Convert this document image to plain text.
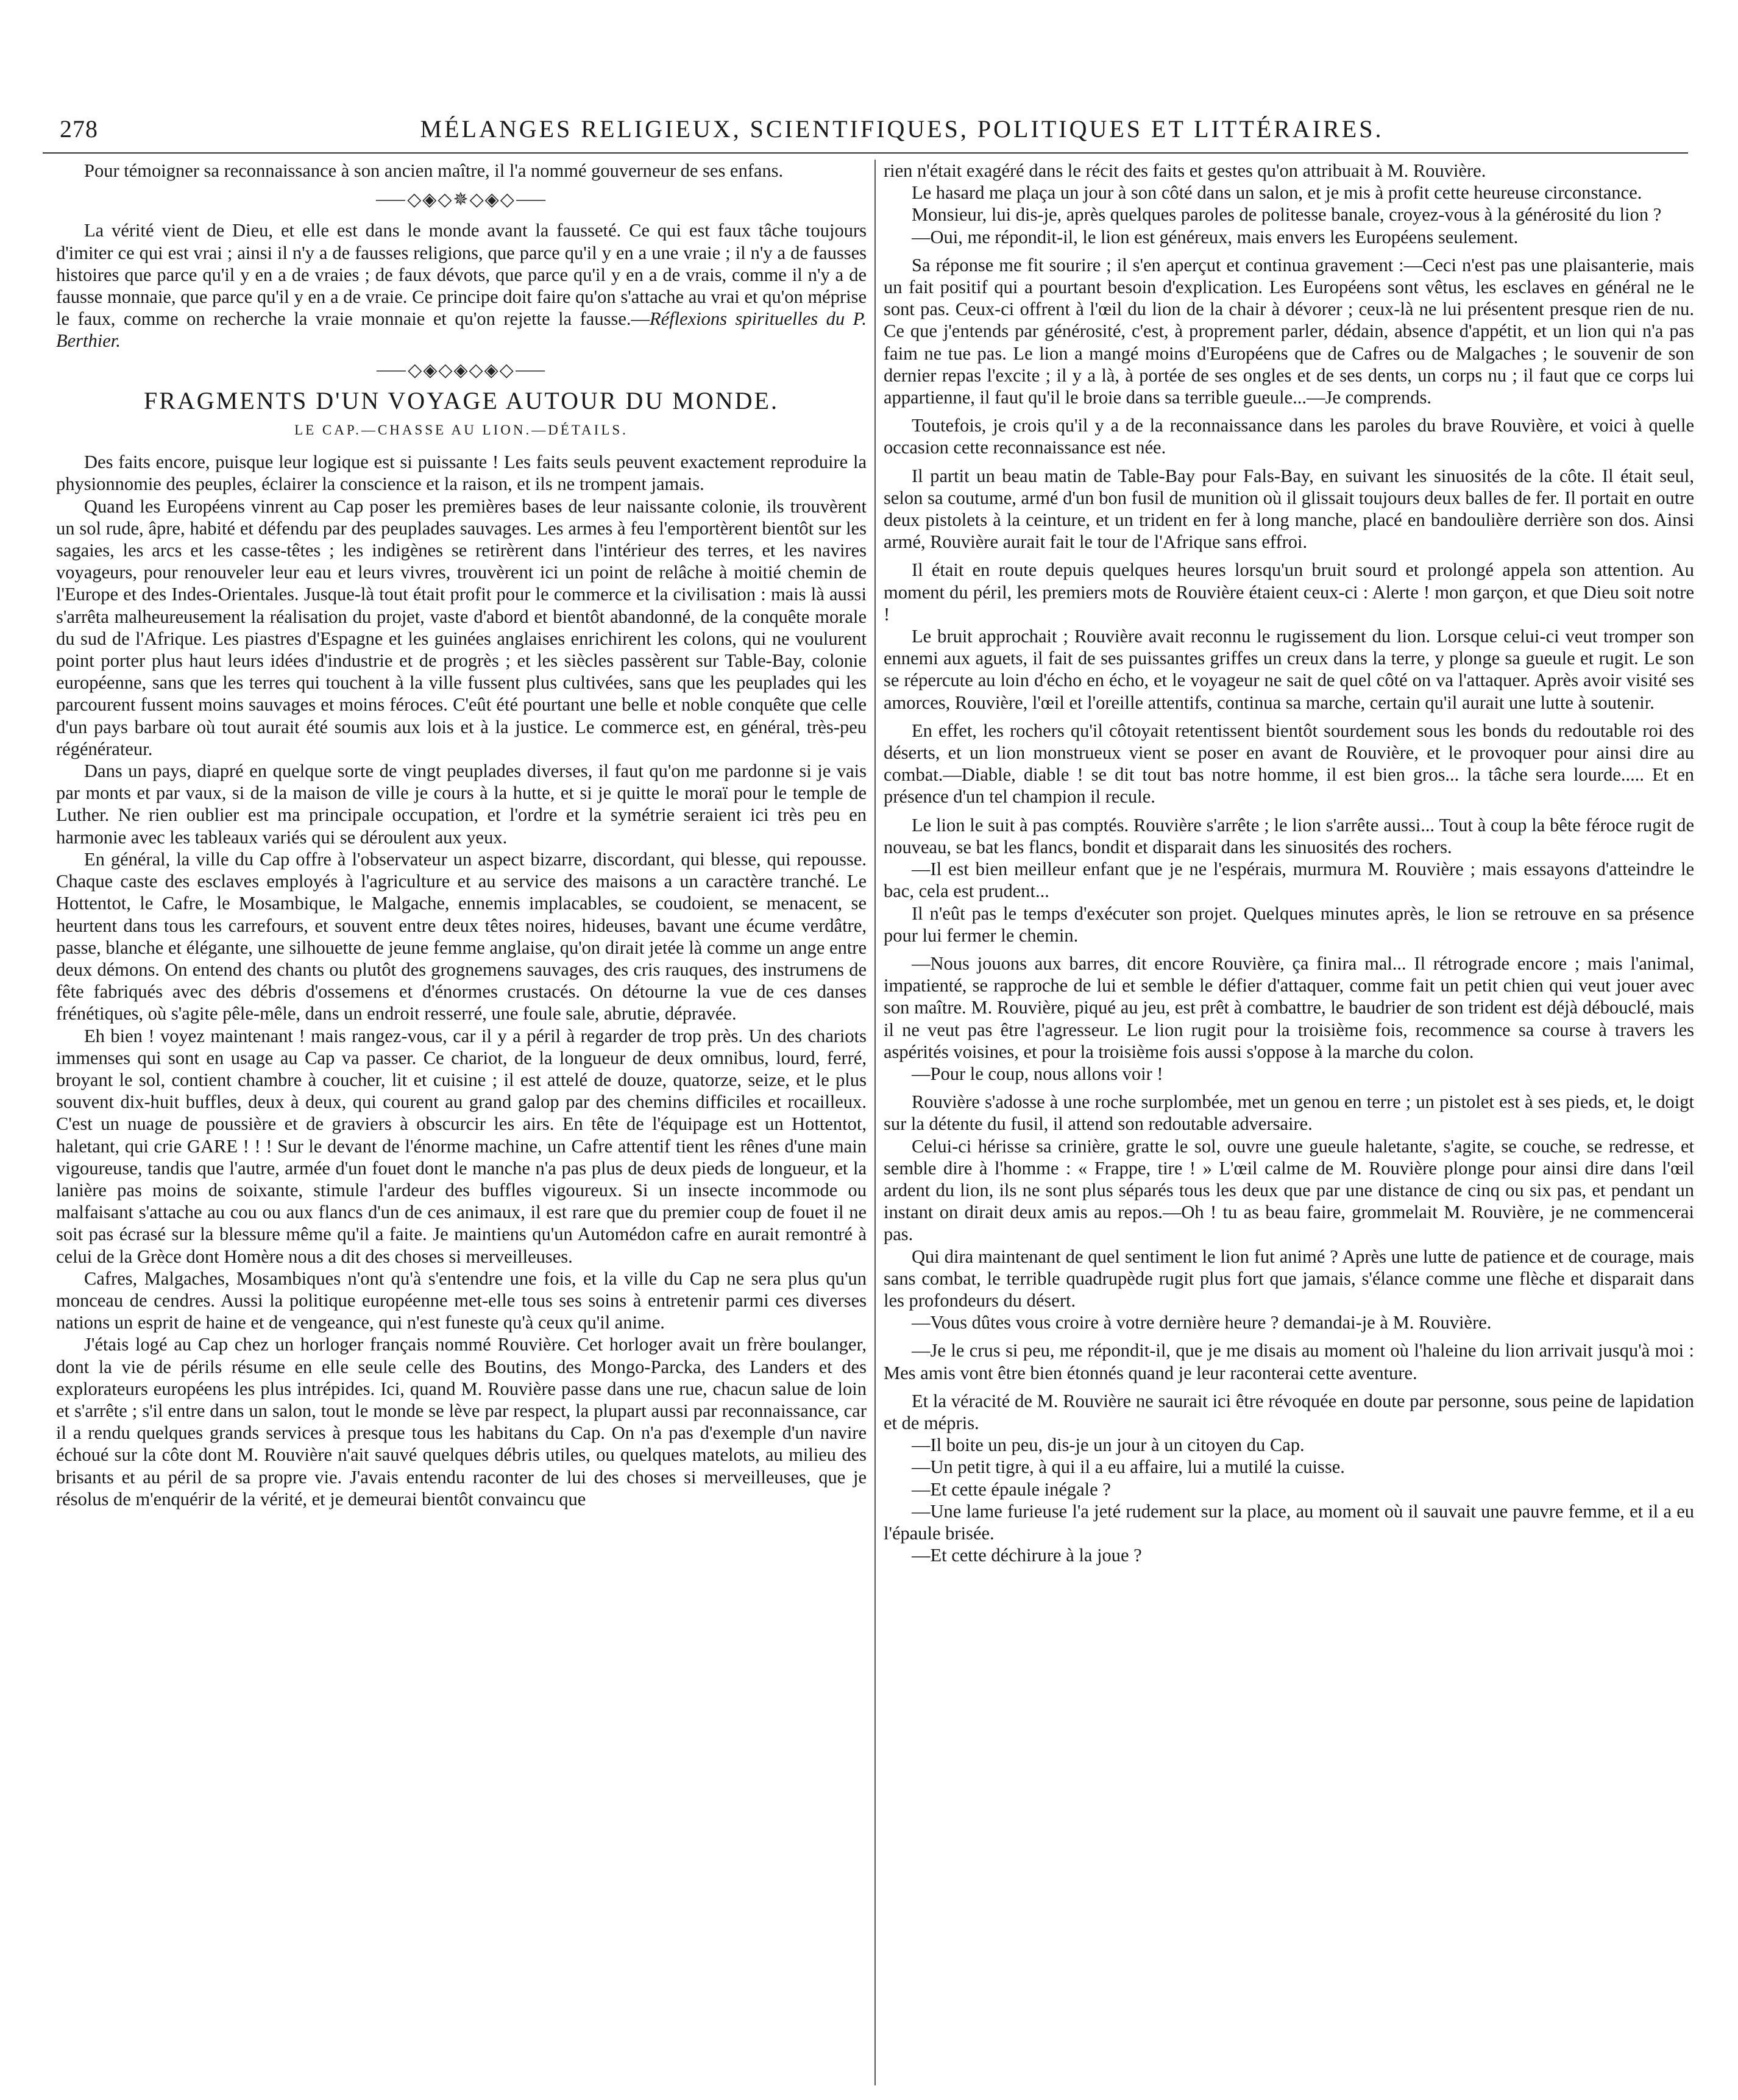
278	MÉLANGES RELIGIEUX, SCIENTIFIQUES, POLITIQUES ET LITTÉRAIRES.

Pour témoigner sa reconnaissance à son ancien maître, il l'a nommé gouverneur de ses enfans.

⸺◇◈◇✵◇◈◇⸺

La vérité vient de Dieu, et elle est dans le monde avant la fausseté. Ce qui est faux tâche toujours d'imiter ce qui est vrai ; ainsi il n'y a de fausses religions, que parce qu'il y en a une vraie ; il n'y a de fausses histoires que parce qu'il y en a de vraies ; de faux dévots, que parce qu'il y en a de vrais, comme il n'y a de fausse monnaie, que parce qu'il y en a de vraie. Ce principe doit faire qu'on s'attache au vrai et qu'on méprise le faux, comme on recherche la vraie monnaie et qu'on rejette la fausse.—Réflexions spirituelles du P. Berthier.

⸺◇◈◇◈◇◈◇⸺
FRAGMENTS D'UN VOYAGE AUTOUR DU MONDE.
LE CAP.—CHASSE AU LION.—DÉTAILS.

Des faits encore, puisque leur logique est si puissante ! Les faits seuls peuvent exactement reproduire la physionnomie des peuples, éclairer la conscience et la raison, et ils ne trompent jamais.

Quand les Européens vinrent au Cap poser les premières bases de leur naissante colonie, ils trouvèrent un sol rude, âpre, habité et défendu par des peuplades sauvages. Les armes à feu l'emportèrent bientôt sur les sagaies, les arcs et les casse-têtes ; les indigènes se retirèrent dans l'intérieur des terres, et les navires voyageurs, pour renouveler leur eau et leurs vivres, trouvèrent ici un point de relâche à moitié chemin de l'Europe et des Indes-Orientales. Jusque-là tout était profit pour le commerce et la civilisation : mais là aussi s'arrêta malheureusement la réalisation du projet, vaste d'abord et bientôt abandonné, de la conquête morale du sud de l'Afrique. Les piastres d'Espagne et les guinées anglaises enrichirent les colons, qui ne voulurent point porter plus haut leurs idées d'industrie et de progrès ; et les siècles passèrent sur Table-Bay, colonie européenne, sans que les terres qui touchent à la ville fussent plus cultivées, sans que les peuplades qui les parcourent fussent moins sauvages et moins féroces. C'eût été pourtant une belle et noble conquête que celle d'un pays barbare où tout aurait été soumis aux lois et à la justice. Le commerce est, en général, très-peu régénérateur.

Dans un pays, diapré en quelque sorte de vingt peuplades diverses, il faut qu'on me pardonne si je vais par monts et par vaux, si de la maison de ville je cours à la hutte, et si je quitte le moraï pour le temple de Luther. Ne rien oublier est ma principale occupation, et l'ordre et la symétrie seraient ici très peu en harmonie avec les tableaux variés qui se déroulent aux yeux.

En général, la ville du Cap offre à l'observateur un aspect bizarre, discordant, qui blesse, qui repousse. Chaque caste des esclaves employés à l'agriculture et au service des maisons a un caractère tranché. Le Hottentot, le Cafre, le Mosambique, le Malgache, ennemis implacables, se coudoient, se menacent, se heurtent dans tous les carrefours, et souvent entre deux têtes noires, hideuses, bavant une écume verdâtre, passe, blanche et élégante, une silhouette de jeune femme anglaise, qu'on dirait jetée là comme un ange entre deux démons. On entend des chants ou plutôt des grognemens sauvages, des cris rauques, des instrumens de fête fabriqués avec des débris d'ossemens et d'énormes crustacés. On détourne la vue de ces danses frénétiques, où s'agite pêle-mêle, dans un endroit resserré, une foule sale, abrutie, dépravée.

Eh bien ! voyez maintenant ! mais rangez-vous, car il y a péril à regarder de trop près. Un des chariots immenses qui sont en usage au Cap va passer. Ce chariot, de la longueur de deux omnibus, lourd, ferré, broyant le sol, contient chambre à coucher, lit et cuisine ; il est attelé de douze, quatorze, seize, et le plus souvent dix-huit buffles, deux à deux, qui courent au grand galop par des chemins difficiles et rocailleux. C'est un nuage de poussière et de graviers à obscurcir les airs. En tête de l'équipage est un Hottentot, haletant, qui crie GARE ! ! ! Sur le devant de l'énorme machine, un Cafre attentif tient les rênes d'une main vigoureuse, tandis que l'autre, armée d'un fouet dont le manche n'a pas plus de deux pieds de longueur, et la lanière pas moins de soixante, stimule l'ardeur des buffles vigoureux. Si un insecte incommode ou malfaisant s'attache au cou ou aux flancs d'un de ces animaux, il est rare que du premier coup de fouet il ne soit pas écrasé sur la blessure même qu'il a faite. Je maintiens qu'un Automédon cafre en aurait remontré à celui de la Grèce dont Homère nous a dit des choses si merveilleuses.

Cafres, Malgaches, Mosambiques n'ont qu'à s'entendre une fois, et la ville du Cap ne sera plus qu'un monceau de cendres. Aussi la politique européenne met-elle tous ses soins à entretenir parmi ces diverses nations un esprit de haine et de vengeance, qui n'est funeste qu'à ceux qu'il anime.

J'étais logé au Cap chez un horloger français nommé Rouvière. Cet horloger avait un frère boulanger, dont la vie de périls résume en elle seule celle des Boutins, des Mongo-Parcka, des Landers et des explorateurs européens les plus intrépides. Ici, quand M. Rouvière passe dans une rue, chacun salue de loin et s'arrête ; s'il entre dans un salon, tout le monde se lève par respect, la plupart aussi par reconnaissance, car il a rendu quelques grands services à presque tous les habitans du Cap. On n'a pas d'exemple d'un navire échoué sur la côte dont M. Rouvière n'ait sauvé quelques débris utiles, ou quelques matelots, au milieu des brisants et au péril de sa propre vie. J'avais entendu raconter de lui des choses si merveilleuses, que je résolus de m'enquérir de la vérité, et je demeurai bientôt convaincu que

rien n'était exagéré dans le récit des faits et gestes qu'on attribuait à M. Rouvière.

Le hasard me plaça un jour à son côté dans un salon, et je mis à profit cette heureuse circonstance.

Monsieur, lui dis-je, après quelques paroles de politesse banale, croyez-vous à la générosité du lion ?

—Oui, me répondit-il, le lion est généreux, mais envers les Européens seulement.

Sa réponse me fit sourire ; il s'en aperçut et continua gravement :—Ceci n'est pas une plaisanterie, mais un fait positif qui a pourtant besoin d'explication. Les Européens sont vêtus, les esclaves en général ne le sont pas. Ceux-ci offrent à l'œil du lion de la chair à dévorer ; ceux-là ne lui présentent presque rien de nu. Ce que j'entends par générosité, c'est, à proprement parler, dédain, absence d'appétit, et un lion qui n'a pas faim ne tue pas. Le lion a mangé moins d'Européens que de Cafres ou de Malgaches ; le souvenir de son dernier repas l'excite ; il y a là, à portée de ses ongles et de ses dents, un corps nu ; il faut que ce corps lui appartienne, il faut qu'il le broie dans sa terrible gueule...—Je comprends.

Toutefois, je crois qu'il y a de la reconnaissance dans les paroles du brave Rouvière, et voici à quelle occasion cette reconnaissance est née.

Il partit un beau matin de Table-Bay pour Fals-Bay, en suivant les sinuosités de la côte. Il était seul, selon sa coutume, armé d'un bon fusil de munition où il glissait toujours deux balles de fer. Il portait en outre deux pistolets à la ceinture, et un trident en fer à long manche, placé en bandoulière derrière son dos. Ainsi armé, Rouvière aurait fait le tour de l'Afrique sans effroi.

Il était en route depuis quelques heures lorsqu'un bruit sourd et prolongé appela son attention. Au moment du péril, les premiers mots de Rouvière étaient ceux-ci : Alerte ! mon garçon, et que Dieu soit notre !

Le bruit approchait ; Rouvière avait reconnu le rugissement du lion. Lorsque celui-ci veut tromper son ennemi aux aguets, il fait de ses puissantes griffes un creux dans la terre, y plonge sa gueule et rugit. Le son se répercute au loin d'écho en écho, et le voyageur ne sait de quel côté on va l'attaquer. Après avoir visité ses amorces, Rouvière, l'œil et l'oreille attentifs, continua sa marche, certain qu'il aurait une lutte à soutenir.

En effet, les rochers qu'il côtoyait retentissent bientôt sourdement sous les bonds du redoutable roi des déserts, et un lion monstrueux vient se poser en avant de Rouvière, et le provoquer pour ainsi dire au combat.—Diable, diable ! se dit tout bas notre homme, il est bien gros... la tâche sera lourde..... Et en présence d'un tel champion il recule.

Le lion le suit à pas comptés. Rouvière s'arrête ; le lion s'arrête aussi... Tout à coup la bête féroce rugit de nouveau, se bat les flancs, bondit et disparait dans les sinuosités des rochers.

—Il est bien meilleur enfant que je ne l'espérais, murmura M. Rouvière ; mais essayons d'atteindre le bac, cela est prudent...

Il n'eût pas le temps d'exécuter son projet. Quelques minutes après, le lion se retrouve en sa présence pour lui fermer le chemin.

—Nous jouons aux barres, dit encore Rouvière, ça finira mal... Il rétrograde encore ; mais l'animal, impatienté, se rapproche de lui et semble le défier d'attaquer, comme fait un petit chien qui veut jouer avec son maître. M. Rouvière, piqué au jeu, est prêt à combattre, le baudrier de son trident est déjà débouclé, mais il ne veut pas être l'agresseur. Le lion rugit pour la troisième fois, recommence sa course à travers les aspérités voisines, et pour la troisième fois aussi s'oppose à la marche du colon.

—Pour le coup, nous allons voir !

Rouvière s'adosse à une roche surplombée, met un genou en terre ; un pistolet est à ses pieds, et, le doigt sur la détente du fusil, il attend son redoutable adversaire.

Celui-ci hérisse sa crinière, gratte le sol, ouvre une gueule haletante, s'agite, se couche, se redresse, et semble dire à l'homme : « Frappe, tire ! » L'œil calme de M. Rouvière plonge pour ainsi dire dans l'œil ardent du lion, ils ne sont plus séparés tous les deux que par une distance de cinq ou six pas, et pendant un instant on dirait deux amis au repos.—Oh ! tu as beau faire, grommelait M. Rouvière, je ne commencerai pas.

Qui dira maintenant de quel sentiment le lion fut animé ? Après une lutte de patience et de courage, mais sans combat, le terrible quadrupède rugit plus fort que jamais, s'élance comme une flèche et disparait dans les profondeurs du désert.

—Vous dûtes vous croire à votre dernière heure ? demandai-je à M. Rouvière.

—Je le crus si peu, me répondit-il, que je me disais au moment où l'haleine du lion arrivait jusqu'à moi : Mes amis vont être bien étonnés quand je leur raconterai cette aventure.

Et la véracité de M. Rouvière ne saurait ici être révoquée en doute par personne, sous peine de lapidation et de mépris.

—Il boite un peu, dis-je un jour à un citoyen du Cap.

—Un petit tigre, à qui il a eu affaire, lui a mutilé la cuisse.

—Et cette épaule inégale ?

—Une lame furieuse l'a jeté rudement sur la place, au moment où il sauvait une pauvre femme, et il a eu l'épaule brisée.

—Et cette déchirure à la joue ?
